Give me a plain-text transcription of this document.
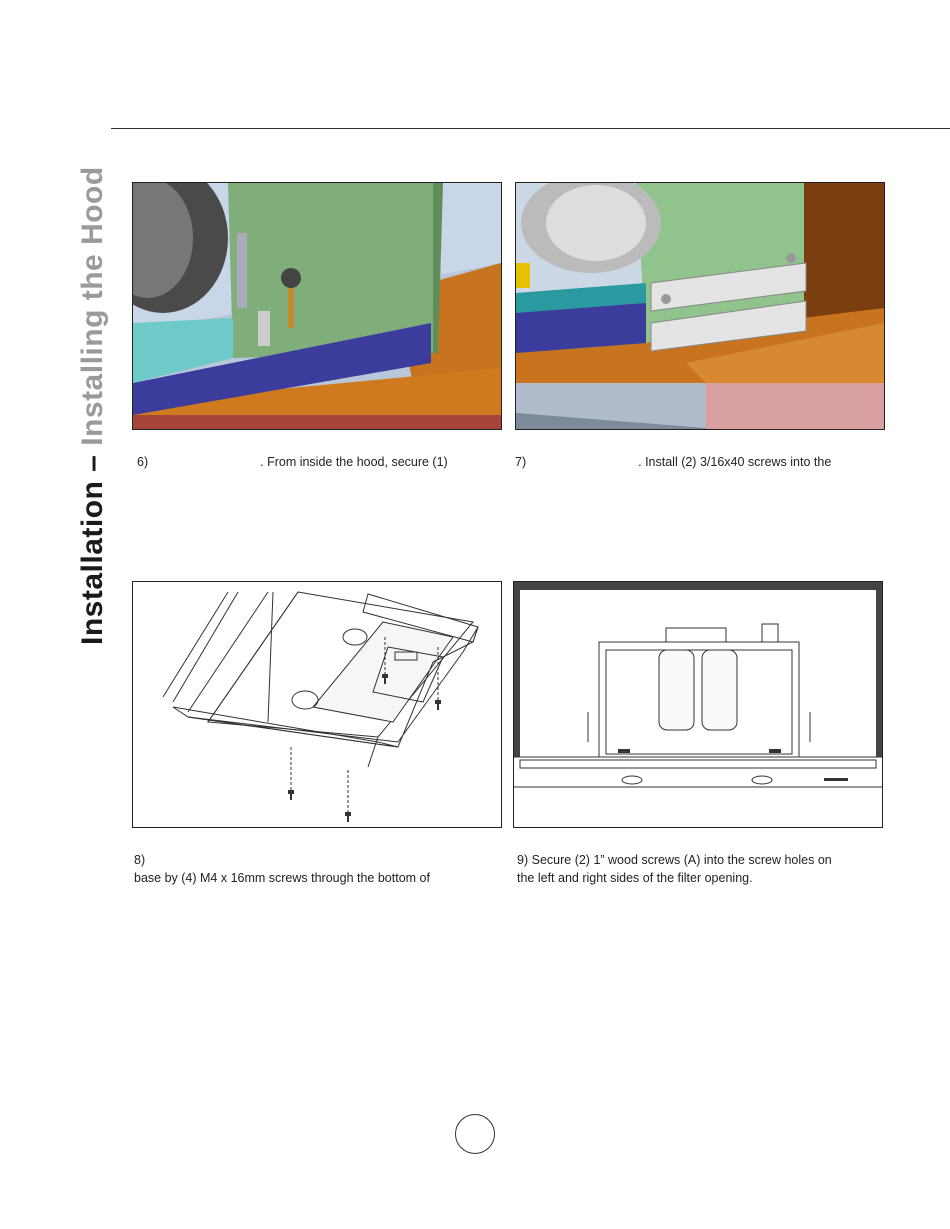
Installation – Installing the Hood
6)	. From inside the hood, secure (1)	7)	. Install (2) 3/16x40 screws into the
8)
base by (4) M4 x 16mm screws through the bottom of
9) Secure (2) 1” wood screws (A) into the screw holes on
the left and right sides of the filter opening.
